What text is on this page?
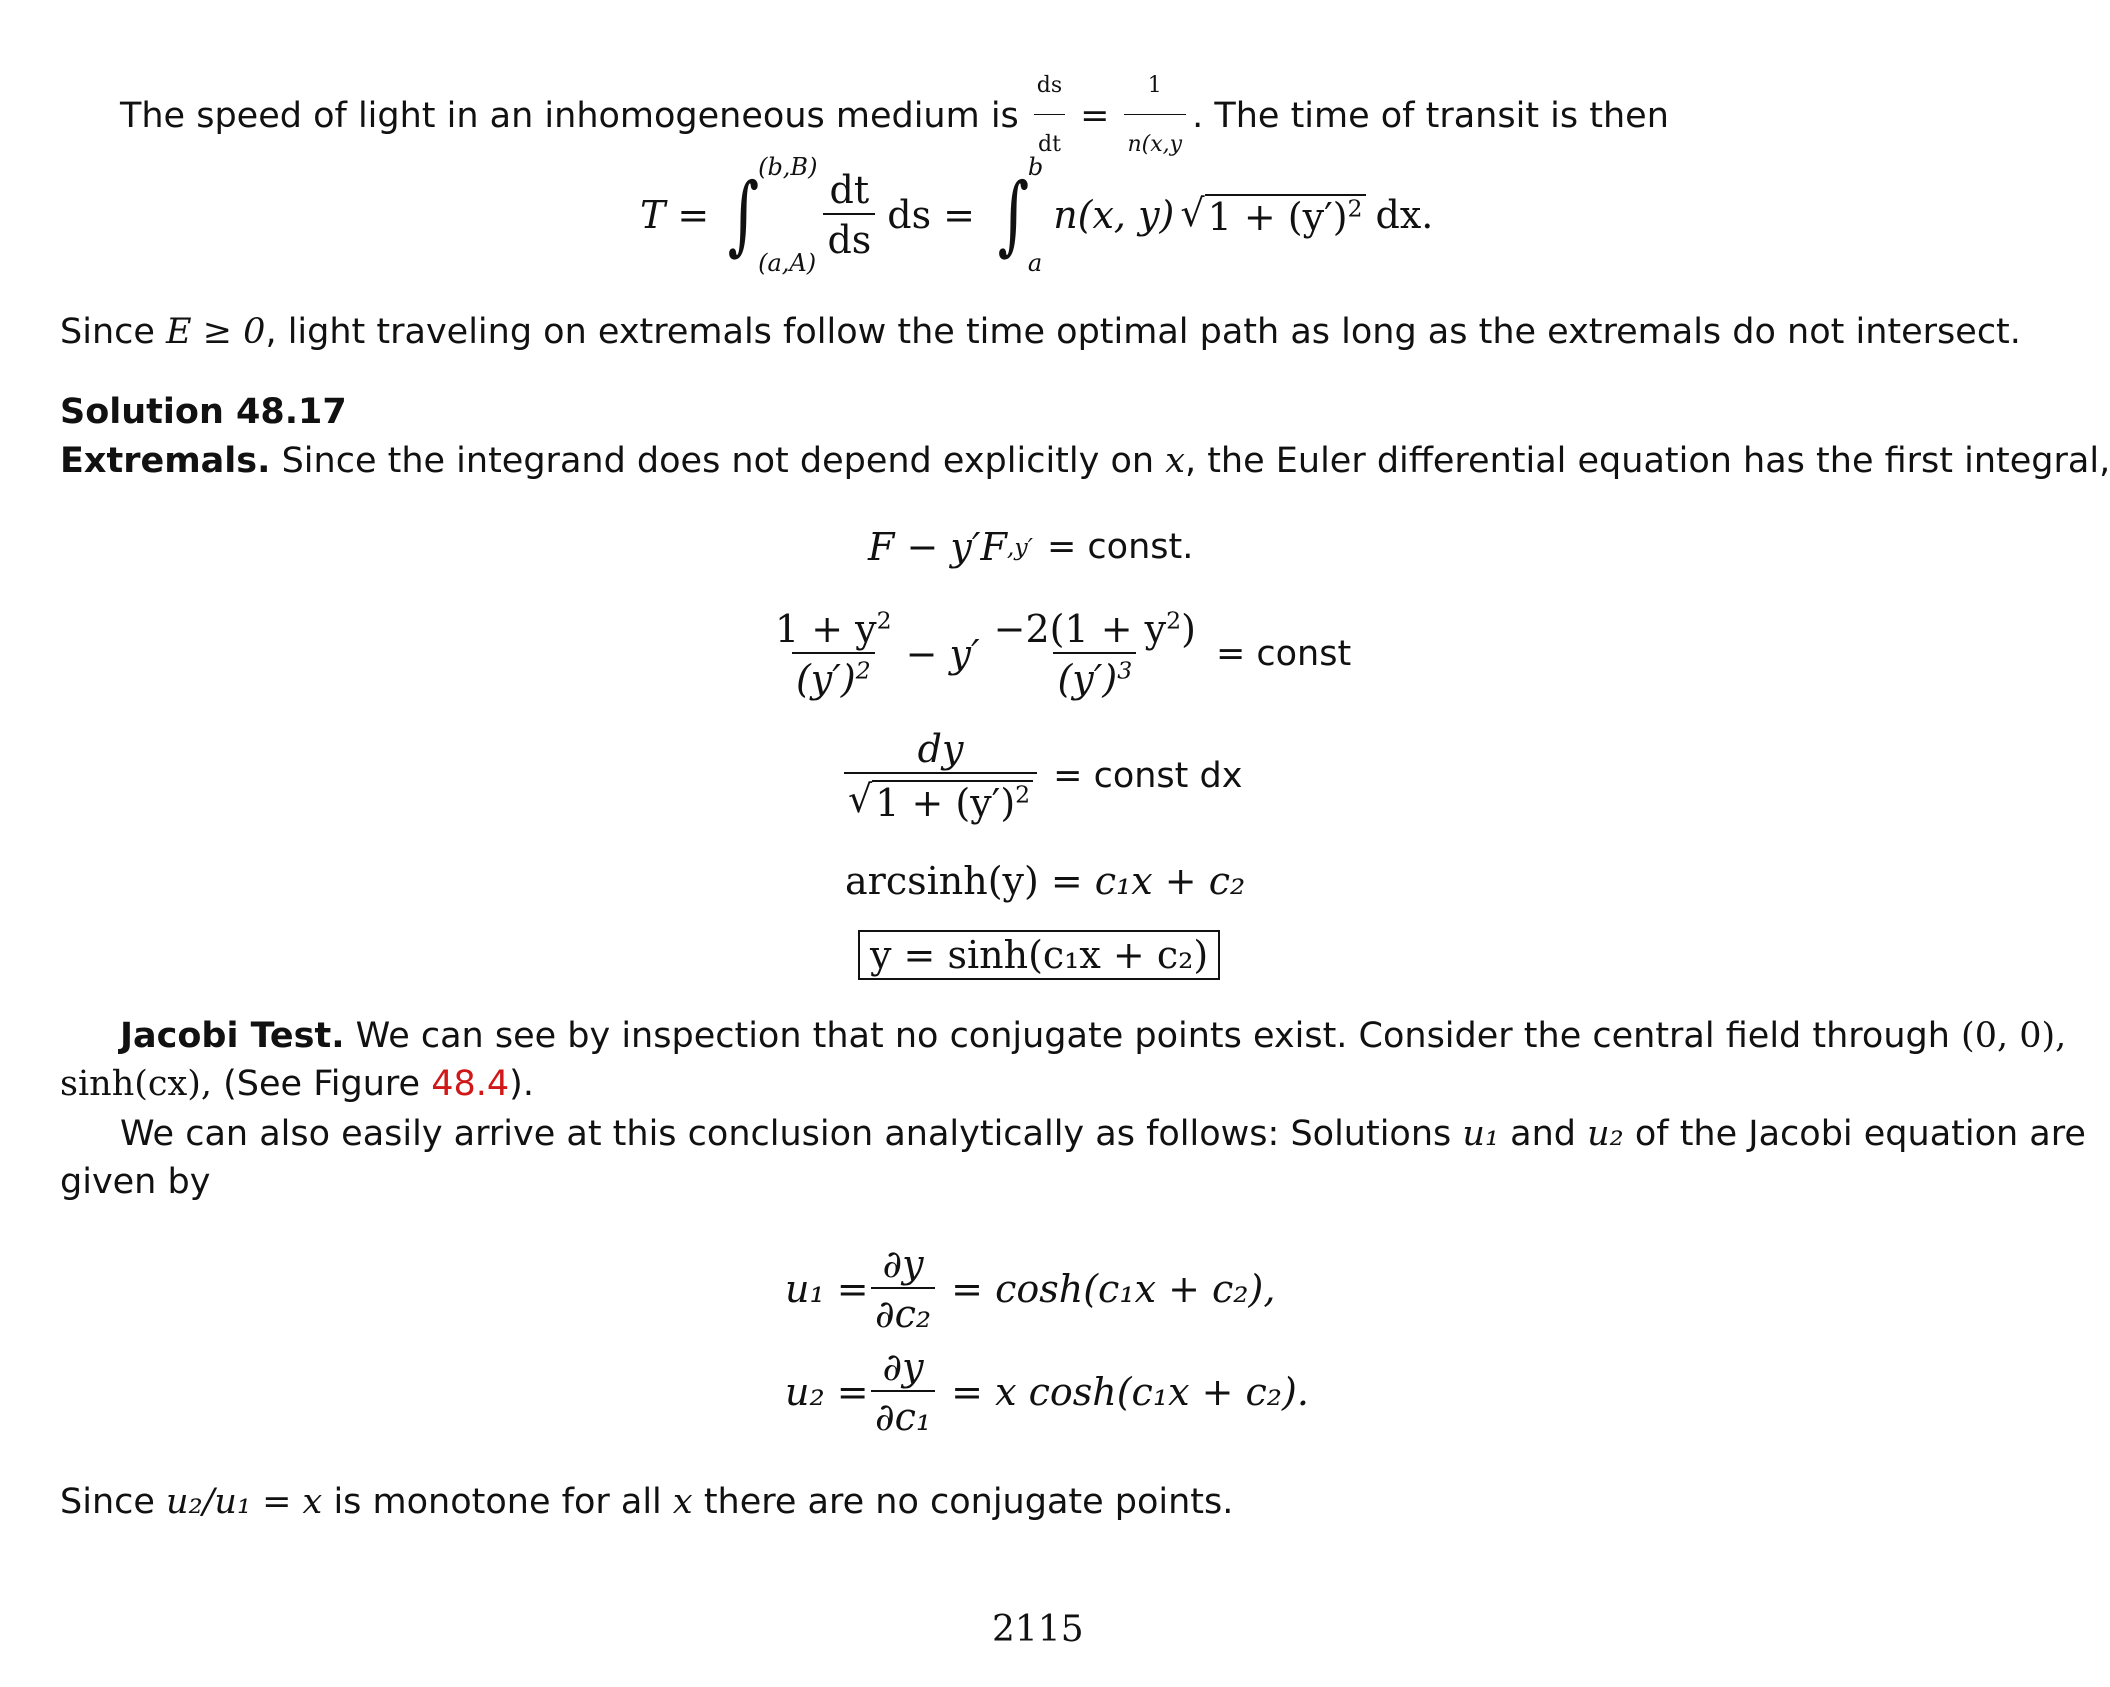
The speed of light in an inhomogeneous medium is $\frac{ds}{dt} = \frac{1}{n(x,y}$ . The time of transit is then
T = ∫
(b,B)
(a,A)
$\frac{dt}{ds}$ ds = ∫
b
a
n(x, y) √ $1 + (y')^2$ dx.
Since E ≥ 0, light traveling on extremals follow the time optimal path as long as the extremals do not intersect.
Solution 48.17
Extremals. Since the integrand does not depend explicitly on x, the Euler differential equation has the first integral,
F − y′F ,y′ = const.
$\frac{1 + y^2}{(y')^2} - y' \frac{-2(1 + y^2)}{(y')^3}$ = const
$\frac{dy}{√ 1 + (y')^2}$ = const dx
arcsinh(y) = c₁x + c₂
y = sinh(c₁x + c₂)
Jacobi Test. We can see by inspection that no conjugate points exist. Consider the central field through (0, 0),
sinh(cx), (See Figure 48.4).
We can also easily arrive at this conclusion analytically as follows: Solutions u₁ and u₂ of the Jacobi equation are
given by
$u_1 = \frac{\partial y}{\text{∂c₂}} = \cosh(c_1x + c_2)$,
$u_2 = \frac{\partial y}{\text{∂c₁}} = x$ cosh(c₁x + c₂).
Since u₂/u₁ = x is monotone for all x there are no conjugate points.
2115
